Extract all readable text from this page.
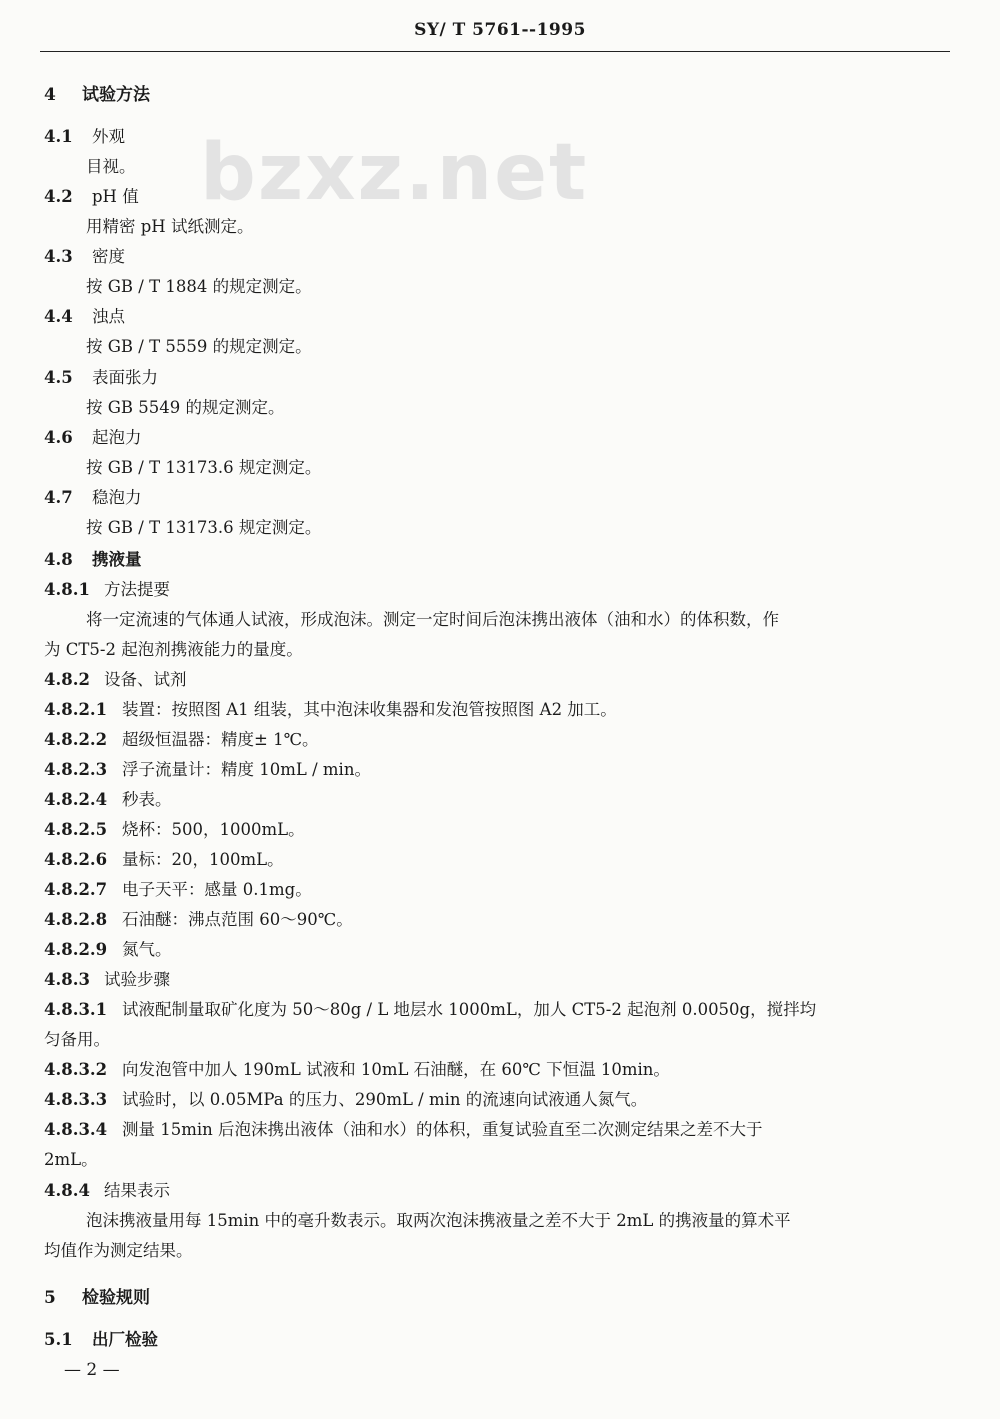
SY/ T 5761--1995
bzxz.net
4 试验方法
4.1 外观
目视。
4.2 pH 值
用精密 pH 试纸测定。
4.3 密度
按 GB / T 1884 的规定测定。
4.4 浊点
按 GB / T 5559 的规定测定。
4.5 表面张力
按 GB 5549 的规定测定。
4.6 起泡力
按 GB / T 13173.6 规定测定。
4.7 稳泡力
按 GB / T 13173.6 规定测定。
4.8 携液量
4.8.1 方法提要
将一定流速的气体通人试液，形成泡沫。测定一定时间后泡沫携出液体（油和水）的体积数，作
为 CT5-2 起泡剂携液能力的量度。
4.8.2 设备、试剂
4.8.2.1 装置：按照图 A1 组装，其中泡沫收集器和发泡管按照图 A2 加工。
4.8.2.2 超级恒温器：精度± 1℃。
4.8.2.3 浮子流量计：精度 10mL / min。
4.8.2.4 秒表。
4.8.2.5 烧杯：500，1000mL。
4.8.2.6 量标：20，100mL。
4.8.2.7 电子天平：感量 0.1mg。
4.8.2.8 石油醚：沸点范围 60～90℃。
4.8.2.9 氮气。
4.8.3 试验步骤
4.8.3.1 试液配制量取矿化度为 50～80g / L 地层水 1000mL，加人 CT5-2 起泡剂 0.0050g，搅拌均
匀备用。
4.8.3.2 向发泡管中加人 190mL 试液和 10mL 石油醚，在 60℃ 下恒温 10min。
4.8.3.3 试验时，以 0.05MPa 的压力、290mL / min 的流速向试液通人氮气。
4.8.3.4 测量 15min 后泡沫携出液体（油和水）的体积，重复试验直至二次测定结果之差不大于
2mL。
4.8.4 结果表示
泡沫携液量用每 15min 中的毫升数表示。取两次泡沫携液量之差不大于 2mL 的携液量的算术平
均值作为测定结果。
5 检验规则
5.1 出厂检验
— 2 —
